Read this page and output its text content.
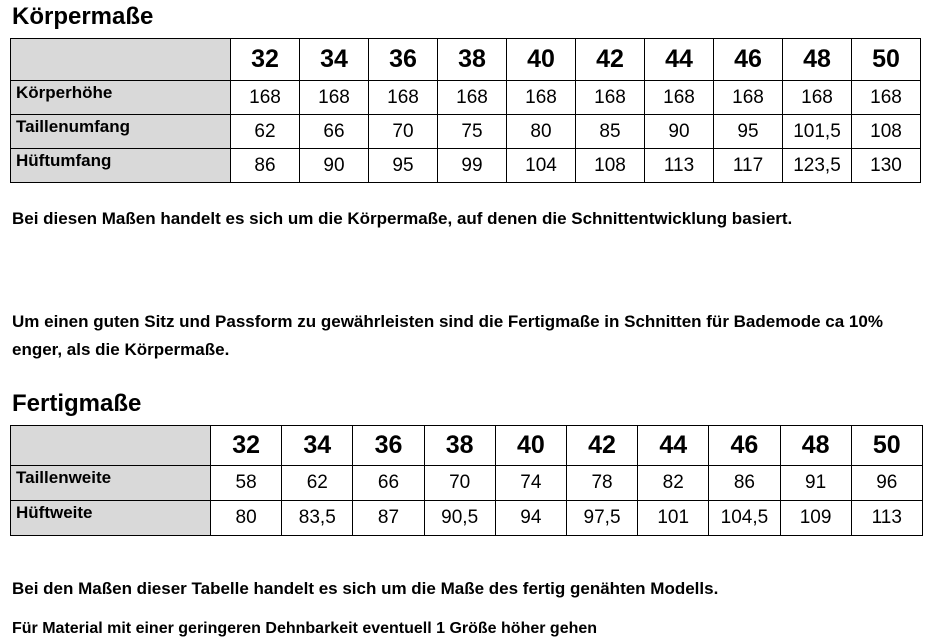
Körpermaße
	32	34	36	38	40	42	44	46	48	50
Körperhöhe	168	168	168	168	168	168	168	168	168	168
Taillenumfang	62	66	70	75	80	85	90	95	101,5	108
Hüftumfang	86	90	95	99	104	108	113	117	123,5	130

Bei diesen Maßen handelt es sich um die Körpermaße, auf denen die Schnittentwicklung basiert.

Um einen guten Sitz und Passform zu gewährleisten sind die Fertigmaße in Schnitten für Bademode ca 10% enger, als die Körpermaße.

Fertigmaße
	32	34	36	38	40	42	44	46	48	50
Taillenweite	58	62	66	70	74	78	82	86	91	96
Hüftweite	80	83,5	87	90,5	94	97,5	101	104,5	109	113

Bei den Maßen dieser Tabelle handelt es sich um die Maße des fertig genähten Modells.

Für Material mit einer geringeren Dehnbarkeit eventuell 1 Größe höher gehen
